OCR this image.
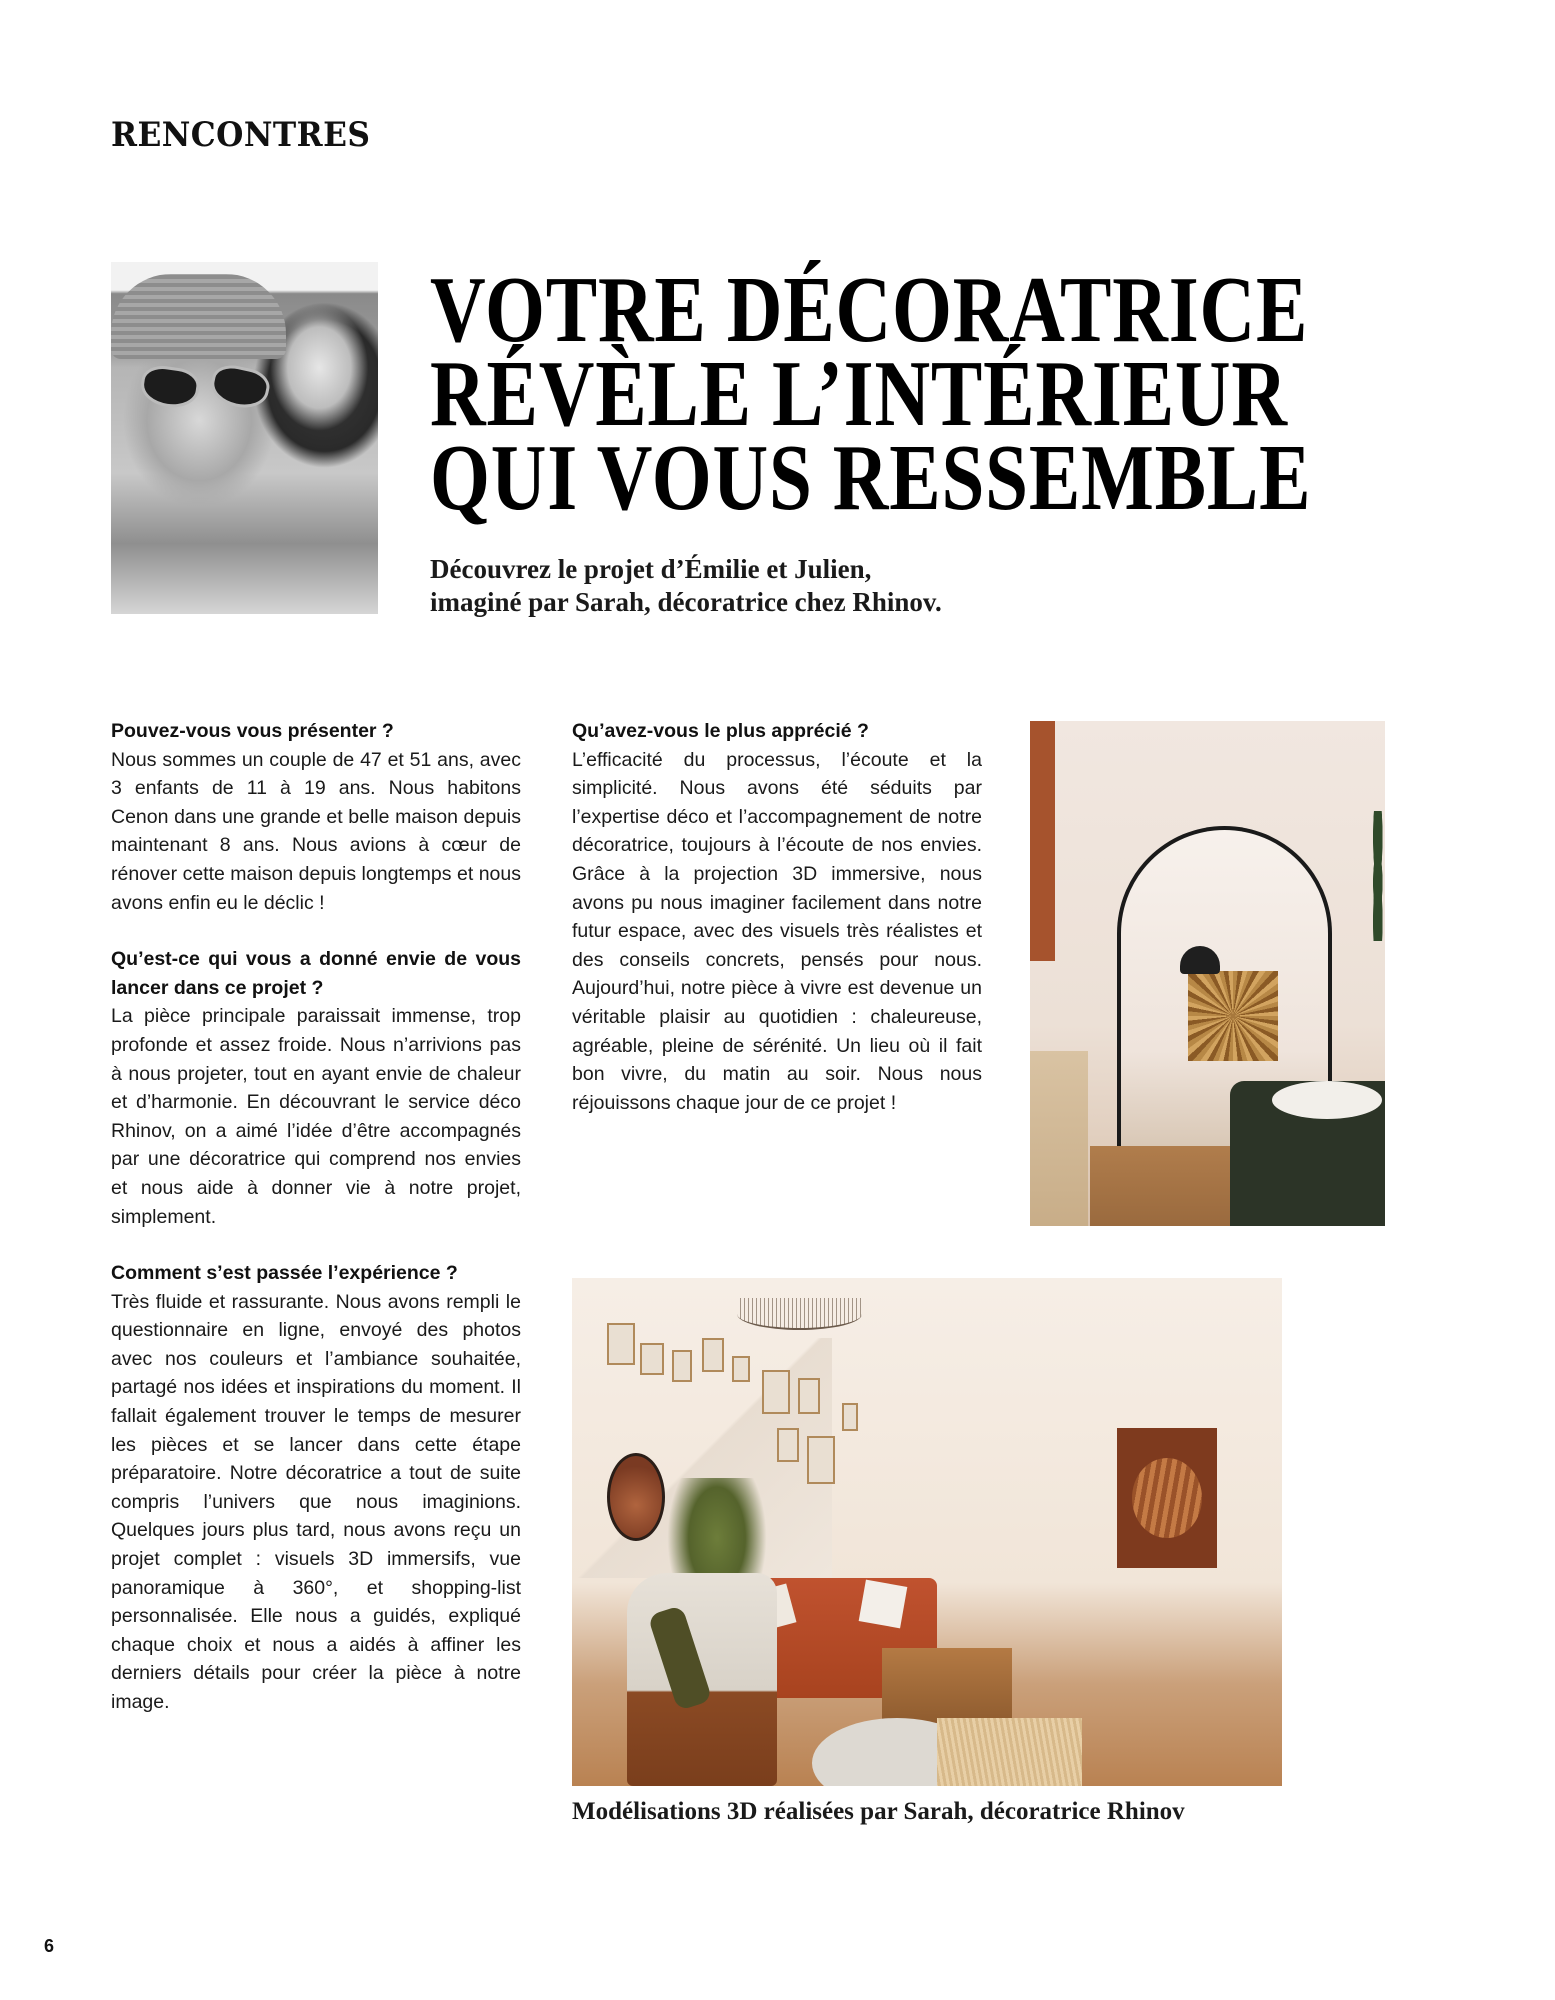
RENCONTRES
VOTRE DÉCORATRICE
RÉVÈLE L’INTÉRIEUR
QUI VOUS RESSEMBLE
Découvrez le projet d’Émilie et Julien,
imaginé par Sarah, décoratrice chez Rhinov.
Pouvez-vous vous présenter ?
Nous sommes un couple de 47 et 51 ans, avec 3 enfants de 11 à 19 ans. Nous habitons Cenon dans une grande et belle maison depuis maintenant 8 ans. Nous avions à cœur de rénover cette maison depuis longtemps et nous avons enfin eu le déclic !
Qu’est-ce qui vous a donné envie de vous lancer dans ce projet ?
La pièce principale paraissait immense, trop profonde et assez froide. Nous n’arrivions pas à nous projeter, tout en ayant envie de chaleur et d’harmonie. En découvrant le service déco Rhinov, on a aimé l’idée d’être accompagnés par une décoratrice qui comprend nos envies et nous aide à donner vie à notre projet, simplement.
Comment s’est passée l’expérience ?
Très fluide et rassurante. Nous avons rempli le questionnaire en ligne, envoyé des photos avec nos couleurs et l’ambiance souhaitée, partagé nos idées et inspirations du moment. Il fallait également trouver le temps de mesurer les pièces et se lancer dans cette étape préparatoire. Notre décoratrice a tout de suite compris l’univers que nous imaginions. Quelques jours plus tard, nous avons reçu un projet complet : visuels 3D immersifs, vue panoramique à 360°, et shopping-list personnalisée. Elle nous a guidés, expliqué chaque choix et nous a aidés à affiner les derniers détails pour créer la pièce à notre image.
Qu’avez-vous le plus apprécié ?
L’efficacité du processus, l’écoute et la simplicité. Nous avons été séduits par l’expertise déco et l’accompagnement de notre décoratrice, toujours à l’écoute de nos envies. Grâce à la projection 3D immersive, nous avons pu nous imaginer facilement dans notre futur espace, avec des visuels très réalistes et des conseils concrets, pensés pour nous. Aujourd’hui, notre pièce à vivre est devenue un véritable plaisir au quotidien : chaleureuse, agréable, pleine de sérénité. Un lieu où il fait bon vivre, du matin au soir. Nous nous réjouissons chaque jour de ce projet !
Modélisations 3D réalisées par Sarah, décoratrice Rhinov
6
